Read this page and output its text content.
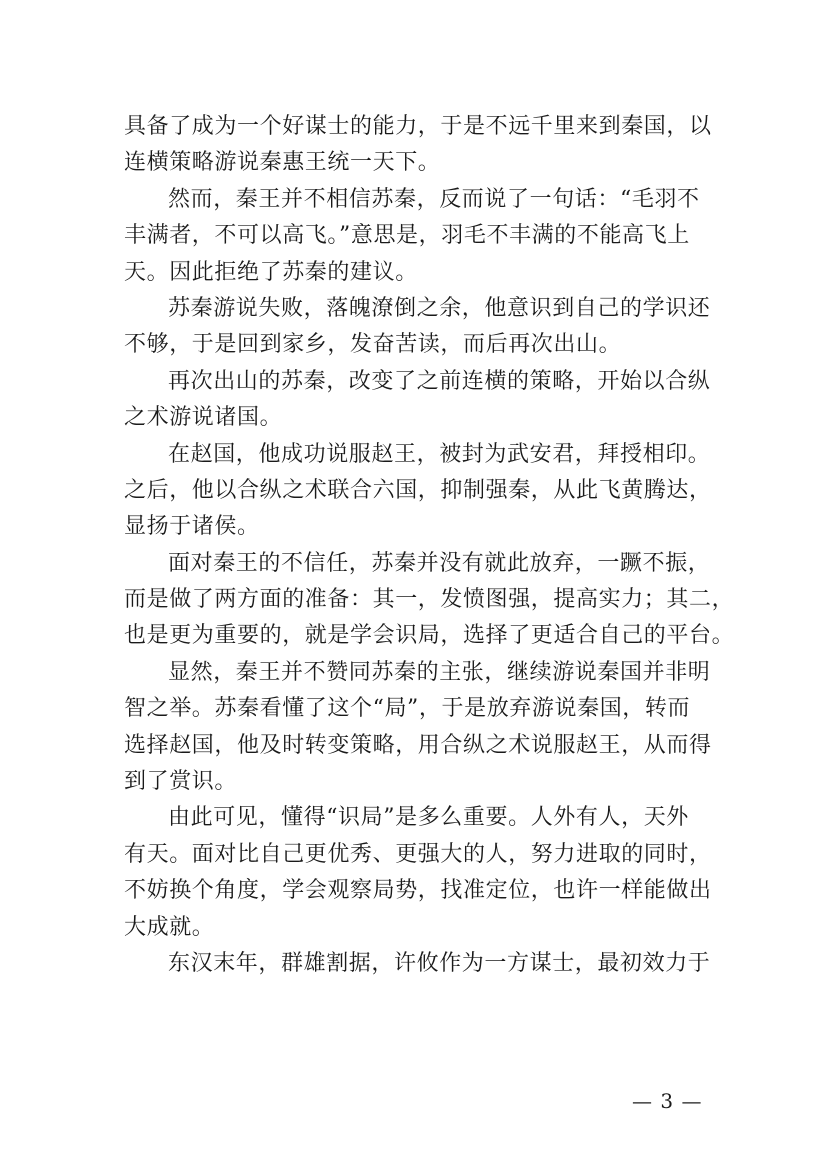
具备了成为一个好谋士的能力，于是不远千里来到秦国，以
连横策略游说秦惠王统一天下。
然而，秦王并不相信苏秦，反而说了一句话：“毛羽不
丰满者，不可以高飞。”意思是，羽毛不丰满的不能高飞上
天。因此拒绝了苏秦的建议。
苏秦游说失败，落魄潦倒之余，他意识到自己的学识还
不够，于是回到家乡，发奋苦读，而后再次出山。
再次出山的苏秦，改变了之前连横的策略，开始以合纵
之术游说诸国。
在赵国，他成功说服赵王，被封为武安君，拜授相印。
之后，他以合纵之术联合六国，抑制强秦，从此飞黄腾达，
显扬于诸侯。
面对秦王的不信任，苏秦并没有就此放弃，一蹶不振，
而是做了两方面的准备：其一，发愤图强，提高实力；其二，
也是更为重要的，就是学会识局，选择了更适合自己的平台。
显然，秦王并不赞同苏秦的主张，继续游说秦国并非明
智之举。苏秦看懂了这个“局”，于是放弃游说秦国，转而
选择赵国，他及时转变策略，用合纵之术说服赵王，从而得
到了赏识。
由此可见，懂得“识局”是多么重要。人外有人，天外
有天。面对比自己更优秀、更强大的人，努力进取的同时，
不妨换个角度，学会观察局势，找准定位，也许一样能做出
大成就。
东汉末年，群雄割据，许攸作为一方谋士，最初效力于
— 3 —
